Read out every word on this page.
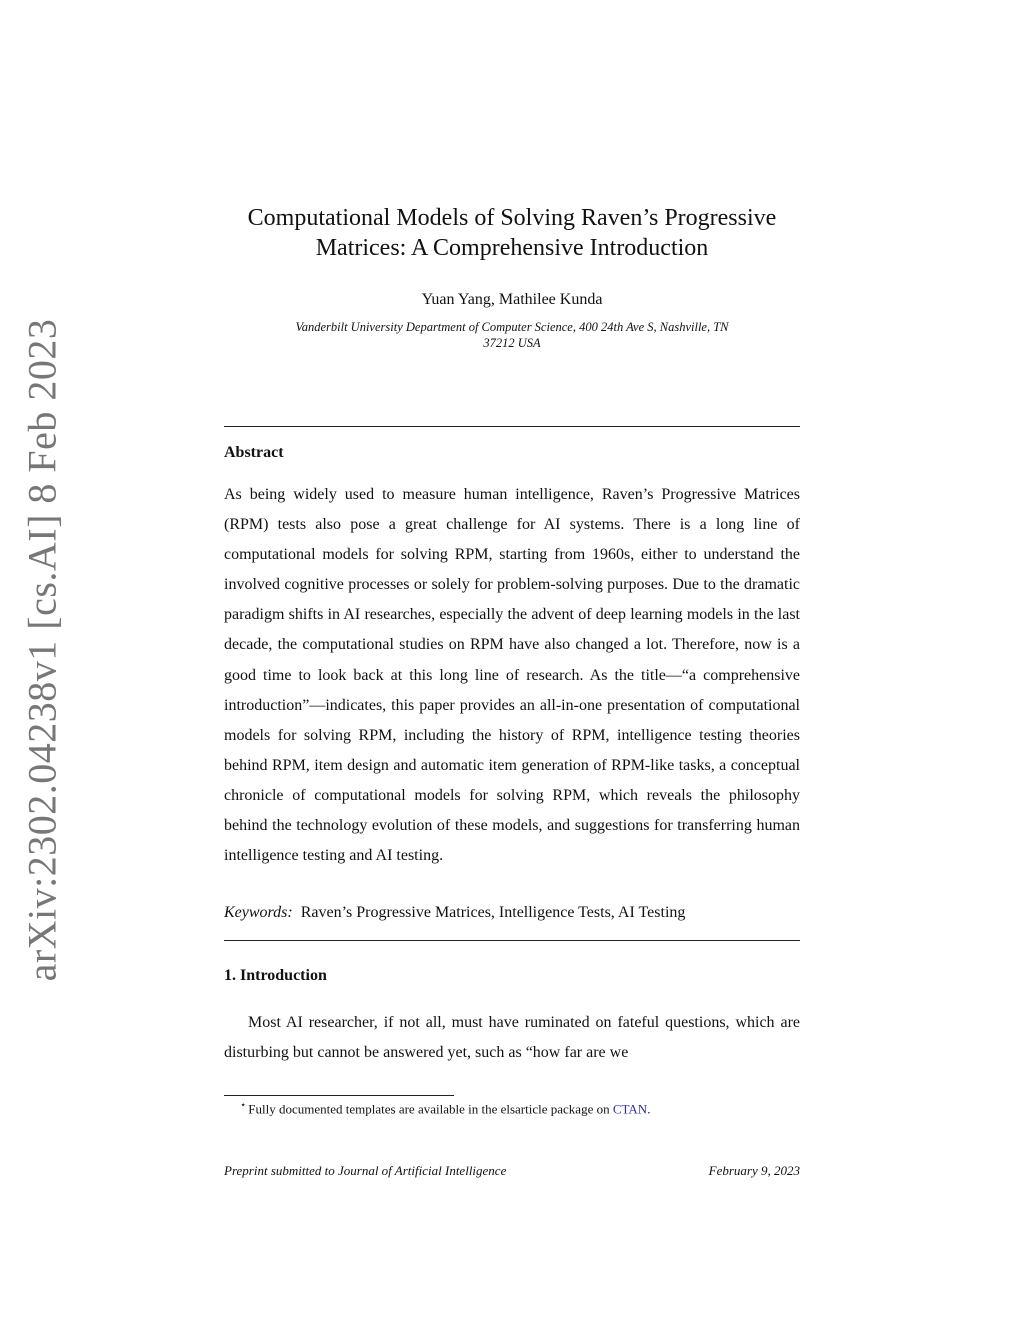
arXiv:2302.04238v1 [cs.AI] 8 Feb 2023
Computational Models of Solving Raven’s Progressive
Matrices: A Comprehensive Introduction
Yuan Yang, Mathilee Kunda
Vanderbilt University Department of Computer Science, 400 24th Ave S, Nashville, TN
37212 USA
Abstract
As being widely used to measure human intelligence, Raven’s Progressive Matrices (RPM) tests also pose a great challenge for AI systems. There is a long line of computational models for solving RPM, starting from 1960s, either to understand the involved cognitive processes or solely for problem-solving purposes. Due to the dramatic paradigm shifts in AI researches, especially the advent of deep learning models in the last decade, the computational studies on RPM have also changed a lot. Therefore, now is a good time to look back at this long line of research. As the title—“a comprehensive introduction”—indicates, this paper provides an all-in-one presentation of computational models for solving RPM, including the history of RPM, intelligence testing theories behind RPM, item design and automatic item generation of RPM-like tasks, a conceptual chronicle of computational models for solving RPM, which reveals the philosophy behind the technology evolution of these models, and suggestions for transferring human intelligence testing and AI testing.
Keywords: Raven’s Progressive Matrices, Intelligence Tests, AI Testing
1. Introduction
Most AI researcher, if not all, must have ruminated on fateful questions, which are disturbing but cannot be answered yet, such as “how far are we
⋆ Fully documented templates are available in the elsarticle package on CTAN.
Preprint submitted to Journal of Artificial Intelligence	February 9, 2023
